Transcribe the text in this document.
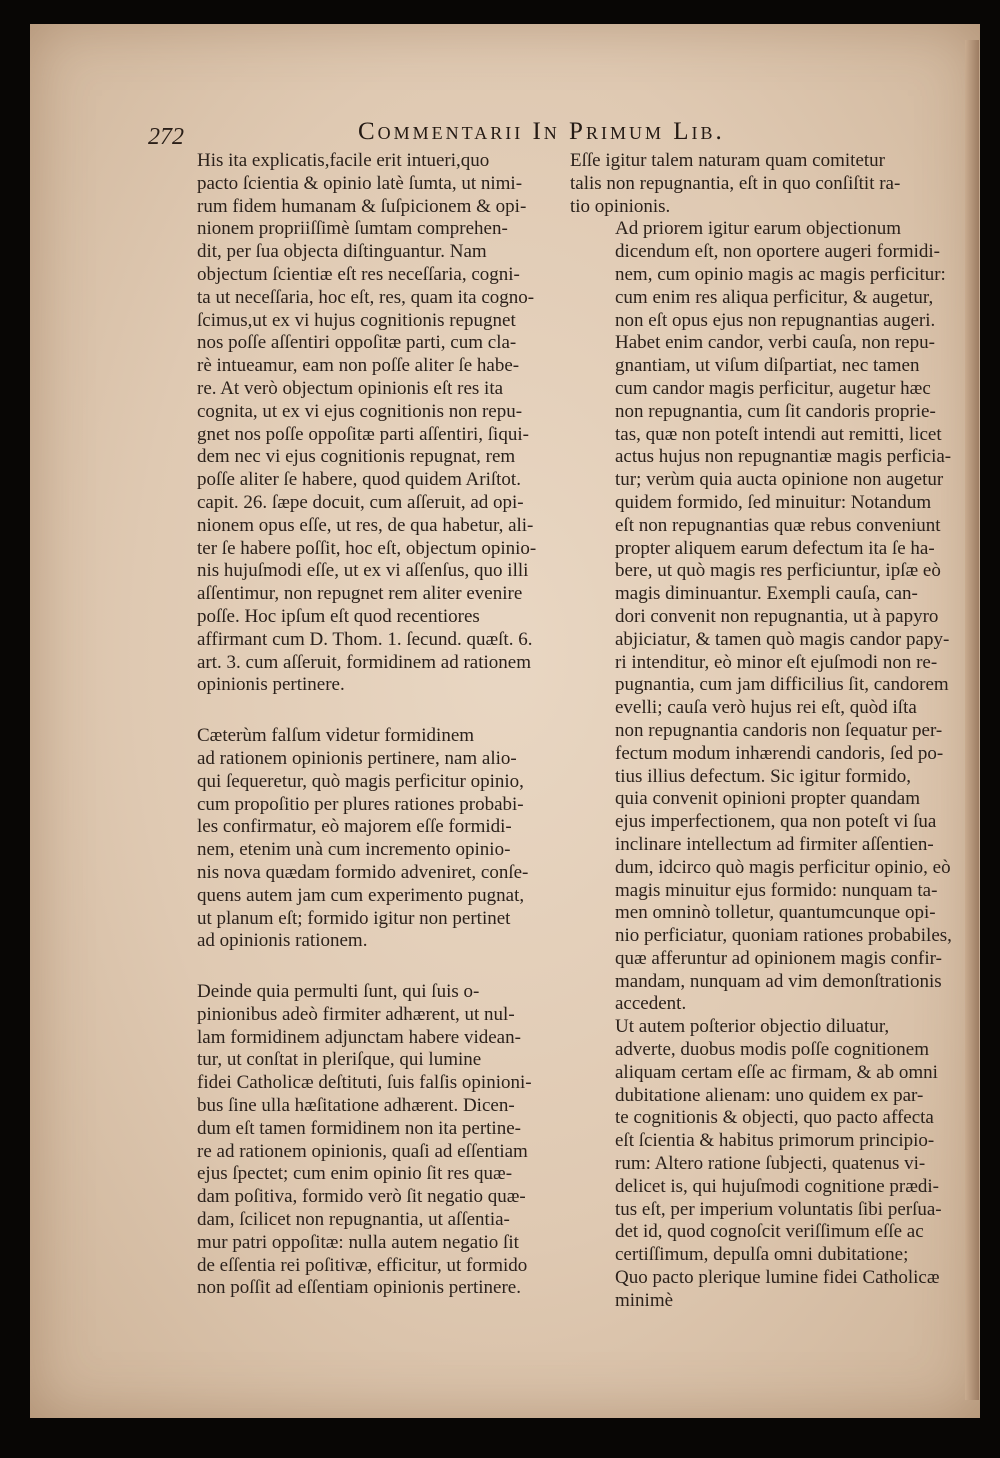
272	Commentarii In Primum Lib.

His ita explicatis,facile erit intueri,quo
pacto ſcientia & opinio latè ſumta, ut nimi-
rum fidem humanam & ſuſpicionem & opi-
nionem propriiſſimè ſumtam comprehen-
dit, per ſua objecta diſtinguantur. Nam
objectum ſcientiæ eſt res neceſſaria, cogni-
ta ut neceſſaria, hoc eſt, res, quam ita cogno-
ſcimus,ut ex vi hujus cognitionis repugnet
nos poſſe aſſentiri oppoſitæ parti, cum cla-
rè intueamur, eam non poſſe aliter ſe habe-
re. At verò objectum opinionis eſt res ita
cognita, ut ex vi ejus cognitionis non repu-
gnet nos poſſe oppoſitæ parti aſſentiri, ſiqui-
dem nec vi ejus cognitionis repugnat, rem
poſſe aliter ſe habere, quod quidem Ariſtot.
capit. 26. ſæpe docuit, cum aſſeruit, ad opi-
nionem opus eſſe, ut res, de qua habetur, ali-
ter ſe habere poſſit, hoc eſt, objectum opinio-
nis hujuſmodi eſſe, ut ex vi aſſenſus, quo illi
aſſentimur, non repugnet rem aliter evenire
poſſe. Hoc ipſum eſt quod recentiores
affirmant cum D. Thom. 1. ſecund. quæſt. 6.
art. 3. cum aſſeruit, formidinem ad rationem
opinionis pertinere.

Cæterùm falſum videtur formidinem
ad rationem opinionis pertinere, nam alio-
qui ſequeretur, quò magis perficitur opinio,
cum propoſitio per plures rationes probabi-
les confirmatur, eò majorem eſſe formidi-
nem, etenim unà cum incremento opinio-
nis nova quædam formido adveniret, conſe-
quens autem jam cum experimento pugnat,
ut planum eſt; formido igitur non pertinet
ad opinionis rationem.

Deinde quia permulti ſunt, qui ſuis o-
pinionibus adeò firmiter adhærent, ut nul-
lam formidinem adjunctam habere videan-
tur, ut conſtat in pleriſque, qui lumine
fidei Catholicæ deſtituti, ſuis falſis opinioni-
bus ſine ulla hæſitatione adhærent. Dicen-
dum eſt tamen formidinem non ita pertine-
re ad rationem opinionis, quaſi ad eſſentiam
ejus ſpectet; cum enim opinio ſit res quæ-
dam poſitiva, formido verò ſit negatio quæ-
dam, ſcilicet non repugnantia, ut aſſentia-
mur patri oppoſitæ: nulla autem negatio ſit
de eſſentia rei poſitivæ, efficitur, ut formido
non poſſit ad eſſentiam opinionis pertinere.

Eſſe igitur talem naturam quam comitetur
talis non repugnantia, eſt in quo conſiſtit ra-
tio opinionis.

Ad priorem igitur earum objectionum
dicendum eſt, non oportere augeri formidi-
nem, cum opinio magis ac magis perficitur:
cum enim res aliqua perficitur, & augetur,
non eſt opus ejus non repugnantias augeri.
Habet enim candor, verbi cauſa, non repu-
gnantiam, ut viſum diſpartiat, nec tamen
cum candor magis perficitur, augetur hæc
non repugnantia, cum ſit candoris proprie-
tas, quæ non poteſt intendi aut remitti, licet
actus hujus non repugnantiæ magis perficia-
tur; verùm quia aucta opinione non augetur
quidem formido, ſed minuitur: Notandum
eſt non repugnantias quæ rebus conveniunt
propter aliquem earum defectum ita ſe ha-
bere, ut quò magis res perficiuntur, ipſæ eò
magis diminuantur. Exempli cauſa, can-
dori convenit non repugnantia, ut à papyro
abjiciatur, & tamen quò magis candor papy-
ri intenditur, eò minor eſt ejuſmodi non re-
pugnantia, cum jam difficilius ſit, candorem
evelli; cauſa verò hujus rei eſt, quòd iſta
non repugnantia candoris non ſequatur per-
fectum modum inhærendi candoris, ſed po-
tius illius defectum. Sic igitur formido,
quia convenit opinioni propter quandam
ejus imperfectionem, qua non poteſt vi ſua
inclinare intellectum ad firmiter aſſentien-
dum, idcirco quò magis perficitur opinio, eò
magis minuitur ejus formido: nunquam ta-
men omninò tolletur, quantumcunque opi-
nio perficiatur, quoniam rationes probabiles,
quæ afferuntur ad opinionem magis confir-
mandam, nunquam ad vim demonſtrationis
accedent.

Ut autem poſterior objectio diluatur,
adverte, duobus modis poſſe cognitionem
aliquam certam eſſe ac firmam, & ab omni
dubitatione alienam: uno quidem ex par-
te cognitionis & objecti, quo pacto affecta
eſt ſcientia & habitus primorum principio-
rum: Altero ratione ſubjecti, quatenus vi-
delicet is, qui hujuſmodi cognitione prædi-
tus eſt, per imperium voluntatis ſibi perſua-
det id, quod cognoſcit veriſſimum eſſe ac
certiſſimum, depulſa omni dubitatione;
Quo pacto plerique lumine fidei Catholicæ
minimè
